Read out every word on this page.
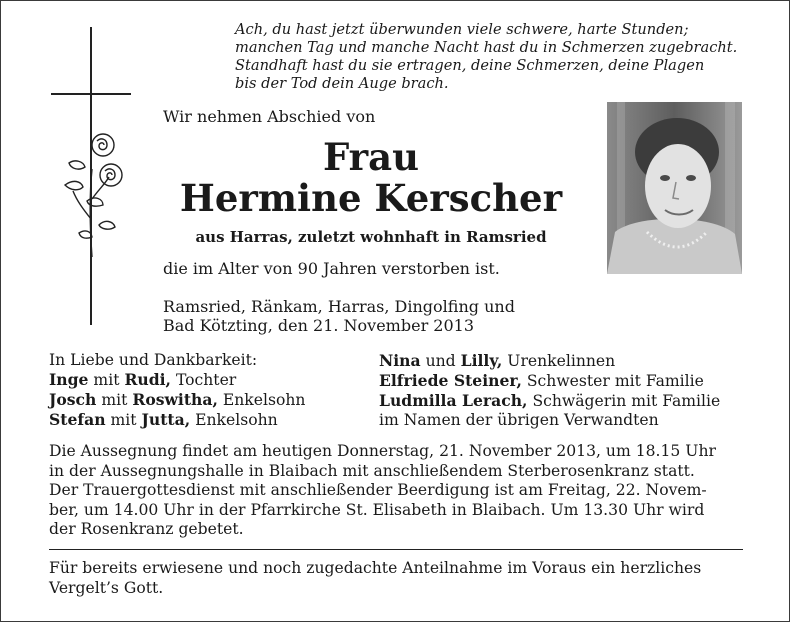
Ach, du hast jetzt überwunden viele schwere, harte Stunden;
manchen Tag und manche Nacht hast du in Schmerzen zugebracht.
Standhaft hast du sie ertragen, deine Schmerzen, deine Plagen
bis der Tod dein Auge brach.
Wir nehmen Abschied von
Frau
Hermine Kerscher
aus Harras, zuletzt wohnhaft in Ramsried
die im Alter von 90 Jahren verstorben ist.
Ramsried, Ränkam, Harras, Dingolfing und
Bad Kötzting, den 21. November 2013
In Liebe und Dankbarkeit:
Inge mit Rudi, Tochter
Josch mit Roswitha, Enkelsohn
Stefan mit Jutta, Enkelsohn
Nina und Lilly, Urenkelinnen
Elfriede Steiner, Schwester mit Familie
Ludmilla Lerach, Schwägerin mit Familie
im Namen der übrigen Verwandten
Die Aussegnung findet am heutigen Donnerstag, 21. November 2013, um 18.15 Uhr
in der Aussegnungshalle in Blaibach mit anschließendem Sterberosenkranz statt.
Der Trauergottesdienst mit anschließender Beerdigung ist am Freitag, 22. Novem-
ber, um 14.00 Uhr in der Pfarrkirche St. Elisabeth in Blaibach. Um 13.30 Uhr wird
der Rosenkranz gebetet.
Für bereits erwiesene und noch zugedachte Anteilnahme im Voraus ein herzliches
Vergelt’s Gott.
